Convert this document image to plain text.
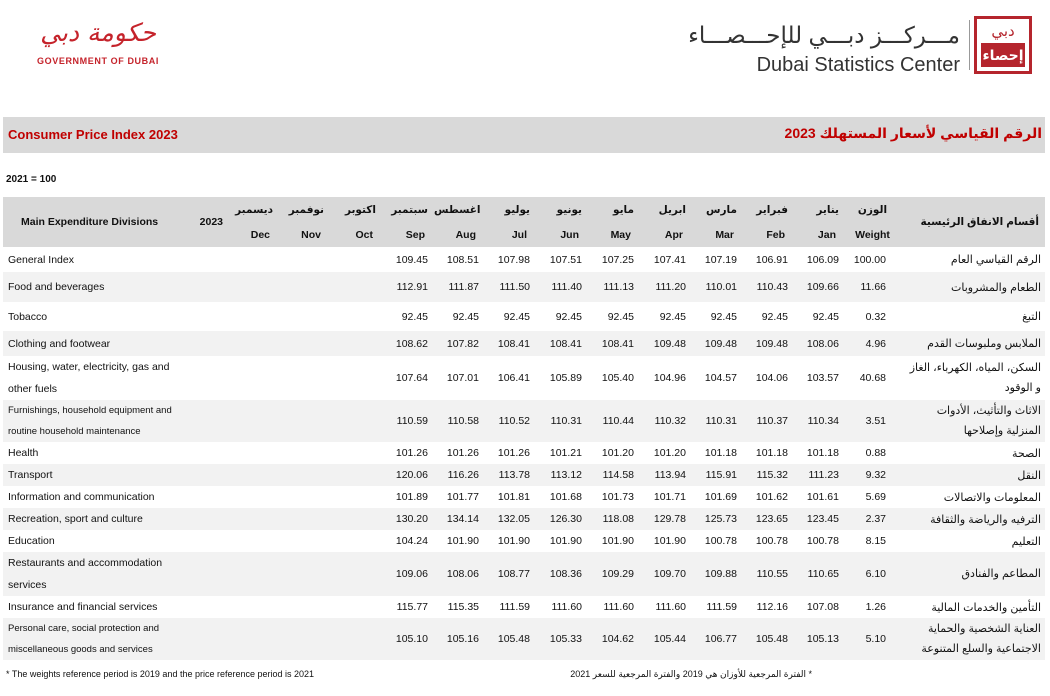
حكومة دبي
GOVERNMENT OF DUBAI
مـــركـــز دبـــي للإحـــصـــاء
Dubai Statistics Center
دبي
إحصاء
Consumer Price Index 2023	الرقم القياسي لأسعار المستهلك 2023
2021 = 100
Main Expenditure Divisions	2023	ديسمبر	نوفمبر	اكتوبر	سبتمبر	اغسطس	يوليو	يونيو	مايو	ابريل	مارس	فبراير	يناير	الوزن	أقسام الانفاق الرئيسية
		Dec	Nov	Oct	Sep	Aug	Jul	Jun	May	Apr	Mar	Feb	Jan	Weight	
General Index					109.45	108.51	107.98	107.51	107.25	107.41	107.19	106.91	106.09	100.00	الرقم القياسي العام
Food and beverages					112.91	111.87	111.50	111.40	111.13	111.20	110.01	110.43	109.66	11.66	الطعام والمشروبات
Tobacco					92.45	92.45	92.45	92.45	92.45	92.45	92.45	92.45	92.45	0.32	التبغ
Clothing and footwear					108.62	107.82	108.41	108.41	108.41	109.48	109.48	109.48	108.06	4.96	الملابس وملبوسات القدم
Housing, water, electricity, gas and other fuels					107.64	107.01	106.41	105.89	105.40	104.96	104.57	104.06	103.57	40.68	السكن، المياه، الكهرباء، الغاز و الوقود
Furnishings, household equipment and routine household maintenance					110.59	110.58	110.52	110.31	110.44	110.32	110.31	110.37	110.34	3.51	الاثاث والتأثيث، الأدوات المنزلية وإصلاحها
Health					101.26	101.26	101.26	101.21	101.20	101.20	101.18	101.18	101.18	0.88	الصحة
Transport					120.06	116.26	113.78	113.12	114.58	113.94	115.91	115.32	111.23	9.32	النقل
Information and communication					101.89	101.77	101.81	101.68	101.73	101.71	101.69	101.62	101.61	5.69	المعلومات والاتصالات
Recreation, sport and culture					130.20	134.14	132.05	126.30	118.08	129.78	125.73	123.65	123.45	2.37	الترفيه والرياضة والثقافة
Education					104.24	101.90	101.90	101.90	101.90	101.90	100.78	100.78	100.78	8.15	التعليم
Restaurants and accommodation services					109.06	108.06	108.77	108.36	109.29	109.70	109.88	110.55	110.65	6.10	المطاعم والفنادق
Insurance and financial services					115.77	115.35	111.59	111.60	111.60	111.60	111.59	112.16	107.08	1.26	التأمين والخدمات المالية
Personal care, social protection and miscellaneous goods and services					105.10	105.16	105.48	105.33	104.62	105.44	106.77	105.48	105.13	5.10	العناية الشخصية والحماية الاجتماعية والسلع المتنوعة
* The weights reference period is 2019 and the price reference period is 2021	* الفترة المرجعية للأوزان هي 2019 والفترة المرجعية للسعر 2021
